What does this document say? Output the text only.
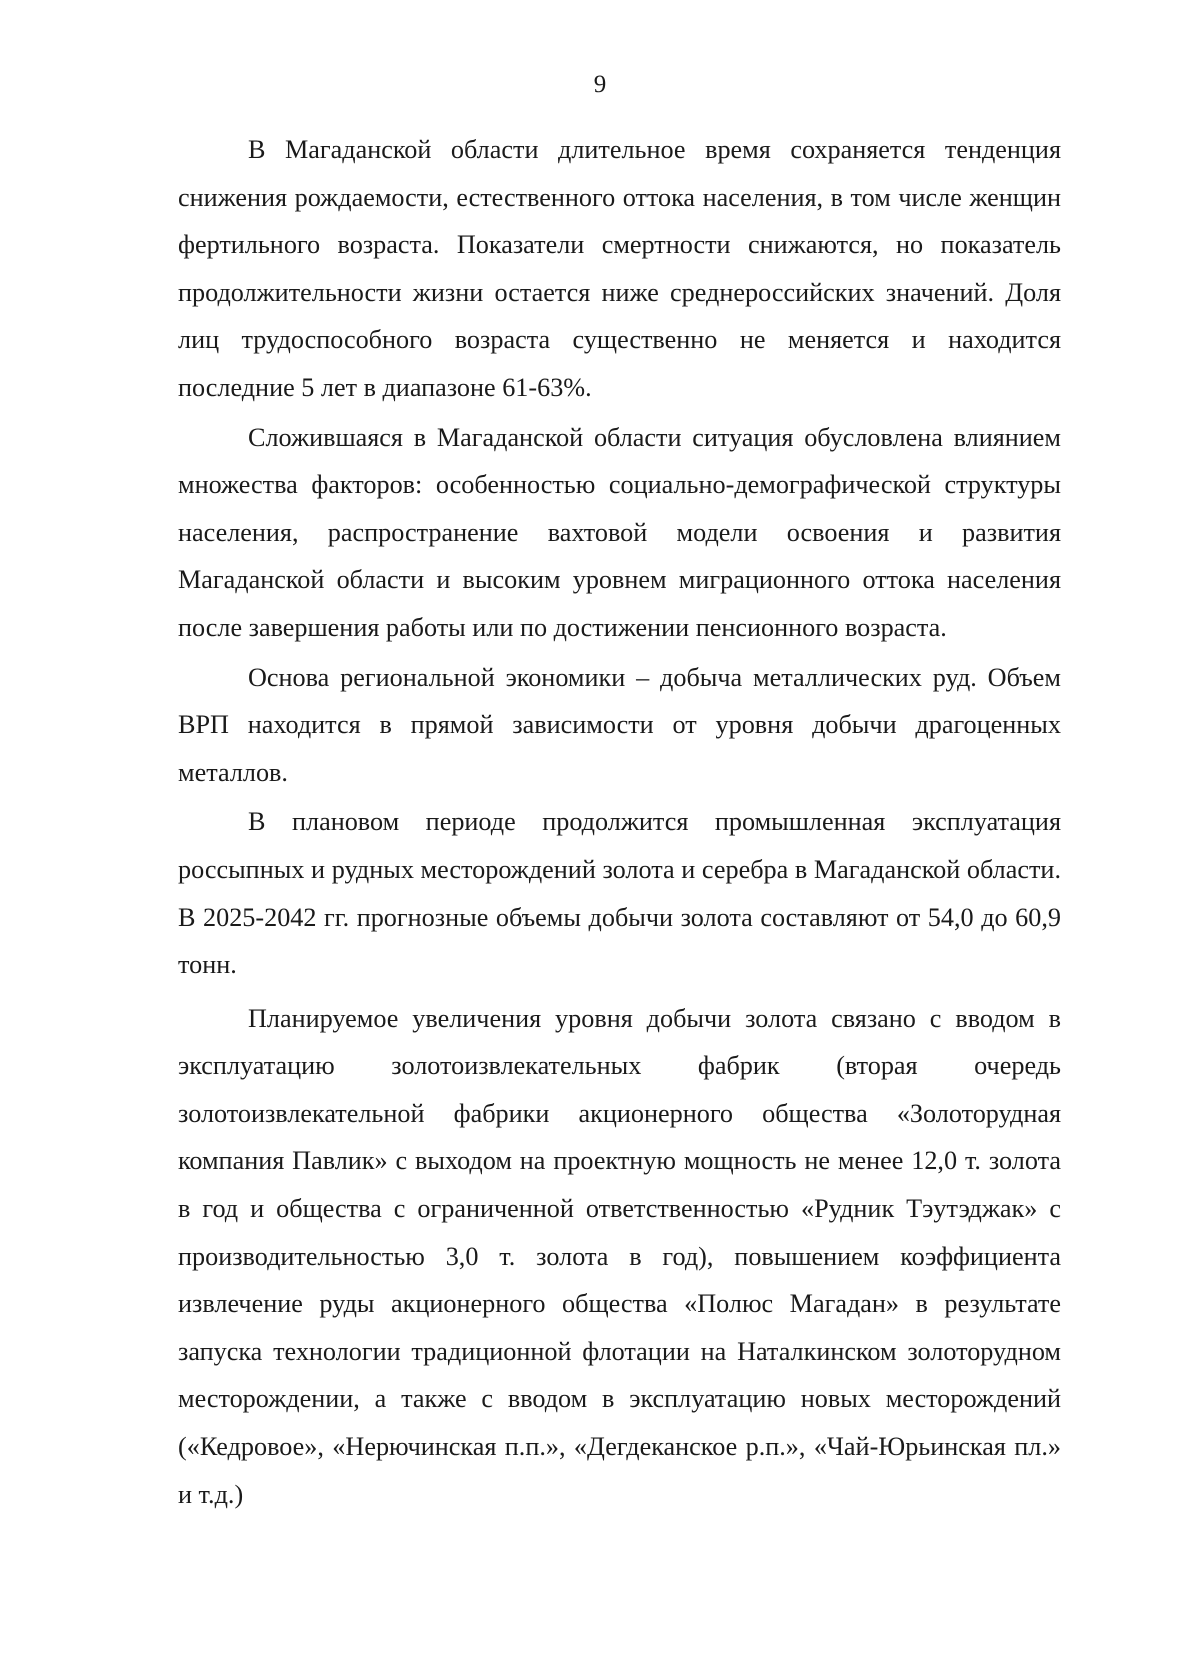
9

В Магаданской области длительное время сохраняется тенденция снижения рождаемости, естественного оттока населения, в том числе женщин фертильного возраста. Показатели смертности снижаются, но показатель продолжительности жизни остается ниже среднероссийских значений. Доля лиц трудоспособного возраста существенно не меняется и находится последние 5 лет в диапазоне 61-63%.

Сложившаяся в Магаданской области ситуация обусловлена влиянием множества факторов: особенностью социально-демографической структуры населения, распространение вахтовой модели освоения и развития Магаданской области и высоким уровнем миграционного оттока населения после завершения работы или по достижении пенсионного возраста.

Основа региональной экономики – добыча металлических руд. Объем ВРП находится в прямой зависимости от уровня добычи драгоценных металлов.

В плановом периоде продолжится промышленная эксплуатация россыпных и рудных месторождений золота и серебра в Магаданской области. В 2025-2042 гг. прогнозные объемы добычи золота составляют от 54,0 до 60,9 тонн.

Планируемое увеличения уровня добычи золота связано с вводом в эксплуатацию золотоизвлекательных фабрик (вторая очередь золотоизвлекательной фабрики акционерного общества «Золоторудная компания Павлик» с выходом на проектную мощность не менее 12,0 т. золота в год и общества с ограниченной ответственностью «Рудник Тэутэджак» с производительностью 3,0 т. золота в год), повышением коэффициента извлечение руды акционерного общества «Полюс Магадан» в результате запуска технологии традиционной флотации на Наталкинском золоторудном месторождении, а также с вводом в эксплуатацию новых месторождений («Кедровое», «Нерючинская п.п.», «Дегдеканское р.п.», «Чай-Юрьинская пл.» и т.д.)
